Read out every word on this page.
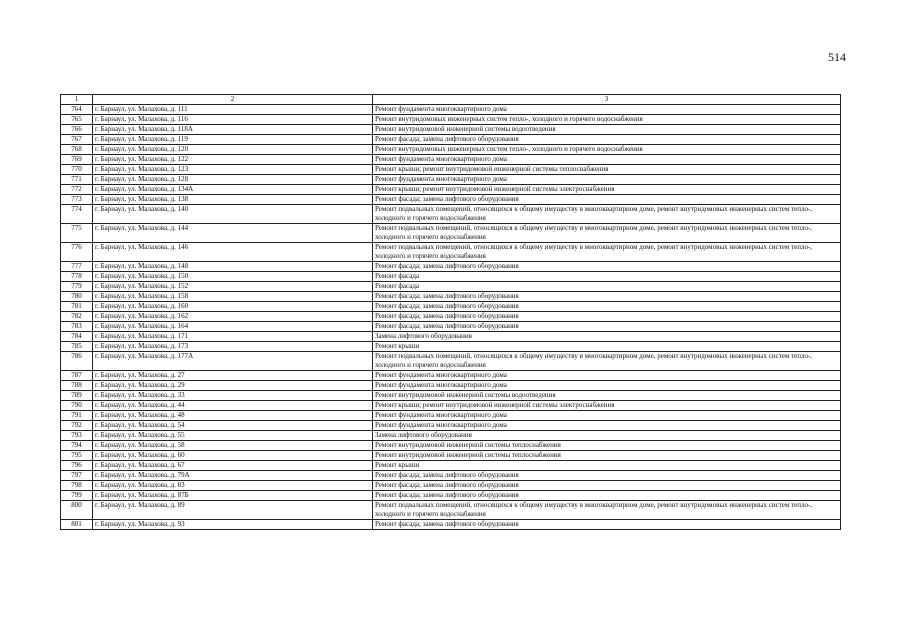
514
1	2	3
764	г. Барнаул, ул. Малахова, д. 111	Ремонт фундамента многоквартирного дома
765	г. Барнаул, ул. Малахова, д. 116	Ремонт внутридомовых инженерных систем тепло-, холодного и горячего водоснабжения
766	г. Барнаул, ул. Малахова, д. 118А	Ремонт внутридомовой инженерной системы водоотведения
767	г. Барнаул, ул. Малахова, д. 119	Ремонт фасада; замена лифтового оборудования
768	г. Барнаул, ул. Малахова, д. 120	Ремонт внутридомовых инженерных систем тепло-, холодного и горячего водоснабжения
769	г. Барнаул, ул. Малахова, д. 122	Ремонт фундамента многоквартирного дома
770	г. Барнаул, ул. Малахова, д. 123	Ремонт крыши; ремонт внутридомовой инженерной системы теплоснабжения
771	г. Барнаул, ул. Малахова, д. 128	Ремонт фундамента многоквартирного дома
772	г. Барнаул, ул. Малахова, д. 134А	Ремонт крыши; ремонт внутридомовой инженерной системы электроснабжения
773	г. Барнаул, ул. Малахова, д. 138	Ремонт фасада; замена лифтового оборудования
774	г. Барнаул, ул. Малахова, д. 140	Ремонт подвальных помещений, относящихся к общему имуществу в многоквартирном доме, ремонт внутридомовых инженерных систем тепло-, холодного и горячего водоснабжения
775	г. Барнаул, ул. Малахова, д. 144	Ремонт подвальных помещений, относящихся к общему имуществу в многоквартирном доме, ремонт внутридомовых инженерных систем тепло-, холодного и горячего водоснабжения
776	г. Барнаул, ул. Малахова, д. 146	Ремонт подвальных помещений, относящихся к общему имуществу в многоквартирном доме, ремонт внутридомовых инженерных систем тепло-, холодного и горячего водоснабжения
777	г. Барнаул, ул. Малахова, д. 148	Ремонт фасада; замена лифтового оборудования
778	г. Барнаул, ул. Малахова, д. 150	Ремонт фасада
779	г. Барнаул, ул. Малахова, д. 152	Ремонт фасада
780	г. Барнаул, ул. Малахова, д. 158	Ремонт фасада; замена лифтового оборудования
781	г. Барнаул, ул. Малахова, д. 160	Ремонт фасада; замена лифтового оборудования
782	г. Барнаул, ул. Малахова, д. 162	Ремонт фасада; замена лифтового оборудования
783	г. Барнаул, ул. Малахова, д. 164	Ремонт фасада; замена лифтового оборудования
784	г. Барнаул, ул. Малахова, д. 171	Замена лифтового оборудования
785	г. Барнаул, ул. Малахова, д. 173	Ремонт крыши
786	г. Барнаул, ул. Малахова, д. 177А	Ремонт подвальных помещений, относящихся к общему имуществу в многоквартирном доме, ремонт внутридомовых инженерных систем тепло-, холодного и горячего водоснабжения
787	г. Барнаул, ул. Малахова, д. 27	Ремонт фундамента многоквартирного дома
788	г. Барнаул, ул. Малахова, д. 29	Ремонт фундамента многоквартирного дома
789	г. Барнаул, ул. Малахова, д. 33	Ремонт внутридомовой инженерной системы водоотведения
790	г. Барнаул, ул. Малахова, д. 44	Ремонт крыши; ремонт внутридомовой инженерной системы электроснабжения
791	г. Барнаул, ул. Малахова, д. 48	Ремонт фундамента многоквартирного дома
792	г. Барнаул, ул. Малахова, д. 54	Ремонт фундамента многоквартирного дома
793	г. Барнаул, ул. Малахова, д. 55	Замена лифтового оборудования
794	г. Барнаул, ул. Малахова, д. 58	Ремонт внутридомовой инженерной системы теплоснабжения
795	г. Барнаул, ул. Малахова, д. 60	Ремонт внутридомовой инженерной системы теплоснабжения
796	г. Барнаул, ул. Малахова, д. 67	Ремонт крыши
797	г. Барнаул, ул. Малахова, д. 79А	Ремонт фасада; замена лифтового оборудования
798	г. Барнаул, ул. Малахова, д. 83	Ремонт фасада; замена лифтового оборудования
799	г. Барнаул, ул. Малахова, д. 87Б	Ремонт фасада; замена лифтового оборудования
800	г. Барнаул, ул. Малахова, д. 89	Ремонт подвальных помещений, относящихся к общему имуществу в многоквартирном доме, ремонт внутридомовых инженерных систем тепло-, холодного и горячего водоснабжения
801	г. Барнаул, ул. Малахова, д. 93	Ремонт фасада; замена лифтового оборудования
